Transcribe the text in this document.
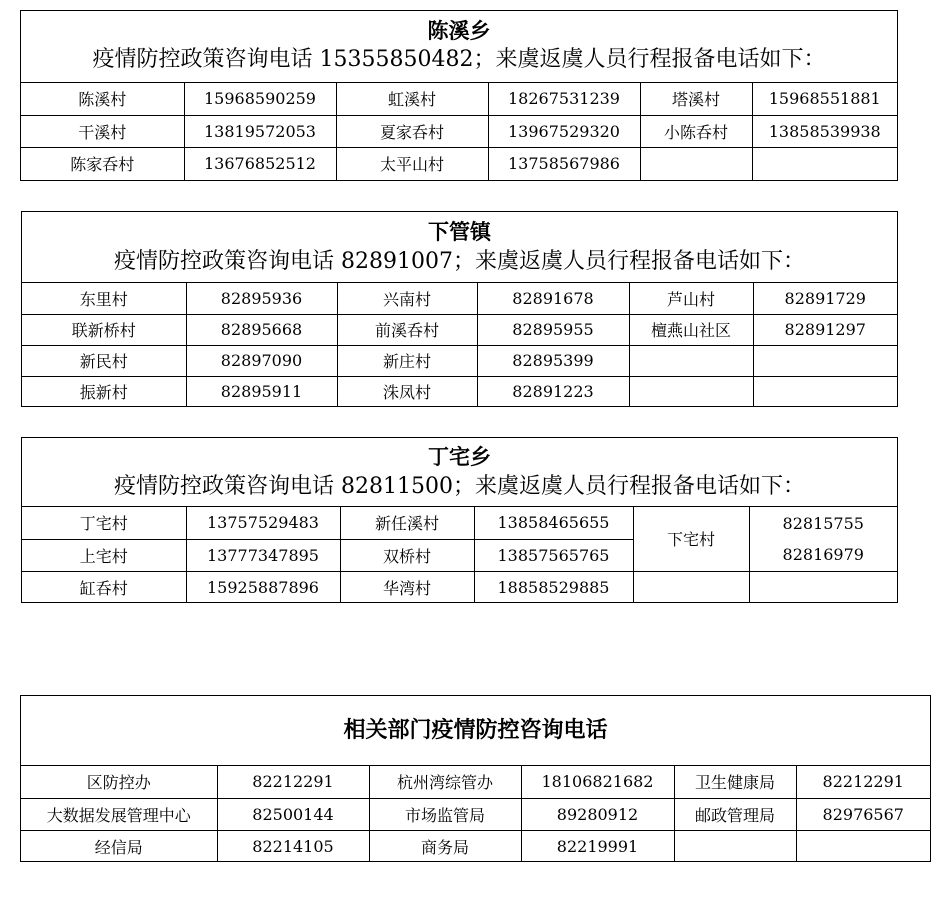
陈溪乡
疫情防控政策咨询电话 15355850482；来虞返虞人员行程报备电话如下：
陈溪村	15968590259	虹溪村	18267531239	塔溪村	15968551881
干溪村	13819572053	夏家呑村	13967529320	小陈呑村	13858539938
陈家呑村	13676852512	太平山村	13758567986		
下管镇
疫情防控政策咨询电话 82891007；来虞返虞人员行程报备电话如下：
东里村	82895936	兴南村	82891678	芦山村	82891729
联新桥村	82895668	前溪呑村	82895955	檀燕山社区	82891297
新民村	82897090	新庄村	82895399		
振新村	82895911	洙凤村	82891223		
丁宅乡
疫情防控政策咨询电话 82811500；来虞返虞人员行程报备电话如下：
丁宅村	13757529483	新任溪村	13858465655	下宅村	82815755
上宅村	13777347895	双桥村	13857565765		82816979
缸呑村	15925887896	华湾村	18858529885		
相关部门疫情防控咨询电话
区防控办	82212291	杭州湾综管办	18106821682	卫生健康局	82212291
大数据发展管理中心	82500144	市场监管局	89280912	邮政管理局	82976567
经信局	82214105	商务局	82219991		
